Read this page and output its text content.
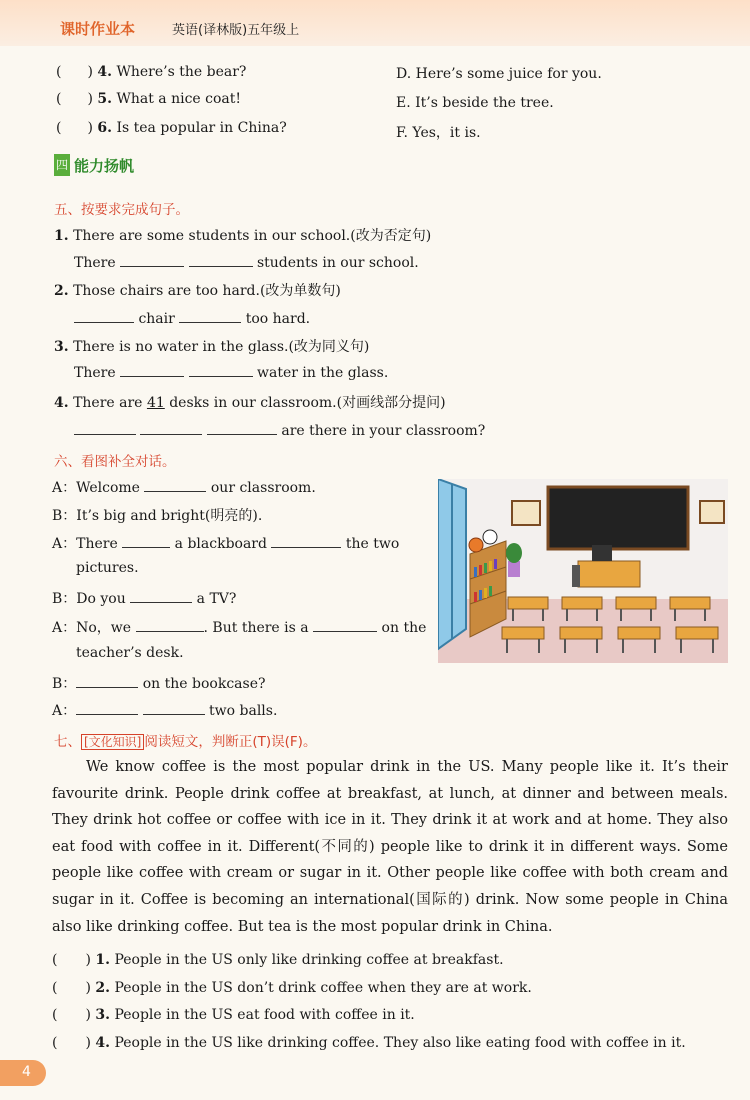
课时作业本	英语(译林版)五年级上
( ) 4. Where’s the bear?	D. Here’s some juice for you.
( ) 5. What a nice coat!	E. It’s beside the tree.
( ) 6. Is tea popular in China?	F. Yes，it is.
四 能力扬帆
五、按要求完成句子。
1. There are some students in our school.(改为否定句)
There	students in our school.
2. Those chairs are too hard.(改为单数句)
chair	too hard.
3. There is no water in the glass.(改为同义句)
There	water in the glass.
4. There are 41 desks in our classroom.(对画线部分提问)
are there in your classroom?
六、看图补全对话。
A：Welcome	our classroom.
B：It’s big and bright(明亮的).
A：There	a blackboard	the two
pictures.
B：Do you	a TV?
A：No，we	. But there is a	on the
teacher’s desk.
B：	on the bookcase?
A：	two balls.
七、 [文化知识] 阅读短文，判断正(T)误(F)。

We know coffee is the most popular drink in the US. Many people like it. It’s their favourite drink. People drink coffee at breakfast, at lunch, at dinner and between meals. They drink hot coffee or coffee with ice in it. They drink it at work and at home. They also eat food with coffee in it. Different(不同的) people like to drink it in different ways. Some people like coffee with cream or sugar in it. Other people like coffee with both cream and sugar in it. Coffee is becoming an international(国际的) drink. Now some people in China also like drinking coffee. But tea is the most popular drink in China.

( ) 1. People in the US only like drinking coffee at breakfast.
( ) 2. People in the US don’t drink coffee when they are at work.
( ) 3. People in the US eat food with coffee in it.
( ) 4. People in the US like drinking coffee. They also like eating food with coffee in it.
4
